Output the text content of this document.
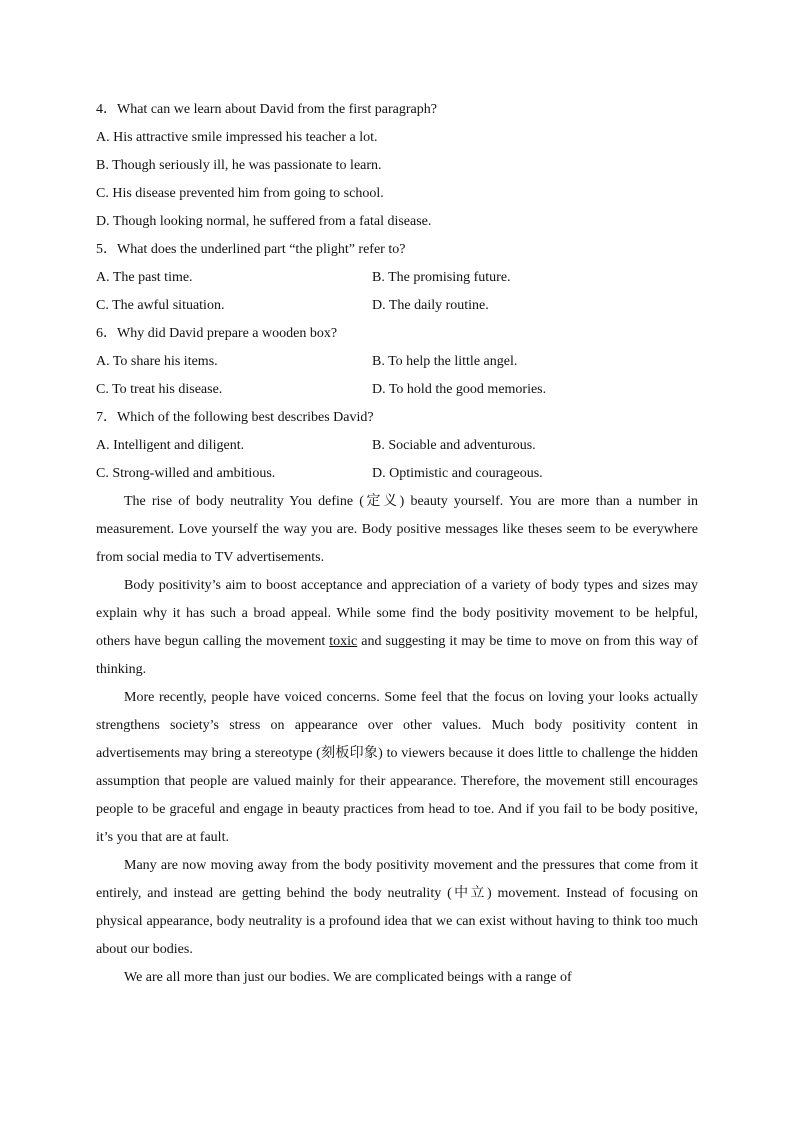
4．What can we learn about David from the first paragraph?

A. His attractive smile impressed his teacher a lot.

B. Though seriously ill, he was passionate to learn.

C. His disease prevented him from going to school.

D. Though looking normal, he suffered from a fatal disease.

5．What does the underlined part “the plight” refer to?

A. The past time.	B. The promising future.
C. The awful situation.	D. The daily routine.

6．Why did David prepare a wooden box?

A. To share his items.	B. To help the little angel.
C. To treat his disease.	D. To hold the good memories.

7．Which of the following best describes David?

A. Intelligent and diligent.	B. Sociable and adventurous.
C. Strong-willed and ambitious.	D. Optimistic and courageous.

The rise of body neutrality You define (定义) beauty yourself. You are more than a number in measurement. Love yourself the way you are. Body positive messages like theses seem to be everywhere from social media to TV advertisements.

Body positivity’s aim to boost acceptance and appreciation of a variety of body types and sizes may explain why it has such a broad appeal. While some find the body positivity movement to be helpful, others have begun calling the movement toxic and suggesting it may be time to move on from this way of thinking.

More recently, people have voiced concerns. Some feel that the focus on loving your looks actually strengthens society’s stress on appearance over other values. Much body positivity content in advertisements may bring a stereotype (刻板印象) to viewers because it does little to challenge the hidden assumption that people are valued mainly for their appearance. Therefore, the movement still encourages people to be graceful and engage in beauty practices from head to toe. And if you fail to be body positive, it’s you that are at fault.

Many are now moving away from the body positivity movement and the pressures that come from it entirely, and instead are getting behind the body neutrality (中立) movement. Instead of focusing on physical appearance, body neutrality is a profound idea that we can exist without having to think too much about our bodies.

We are all more than just our bodies. We are complicated beings with a range of
